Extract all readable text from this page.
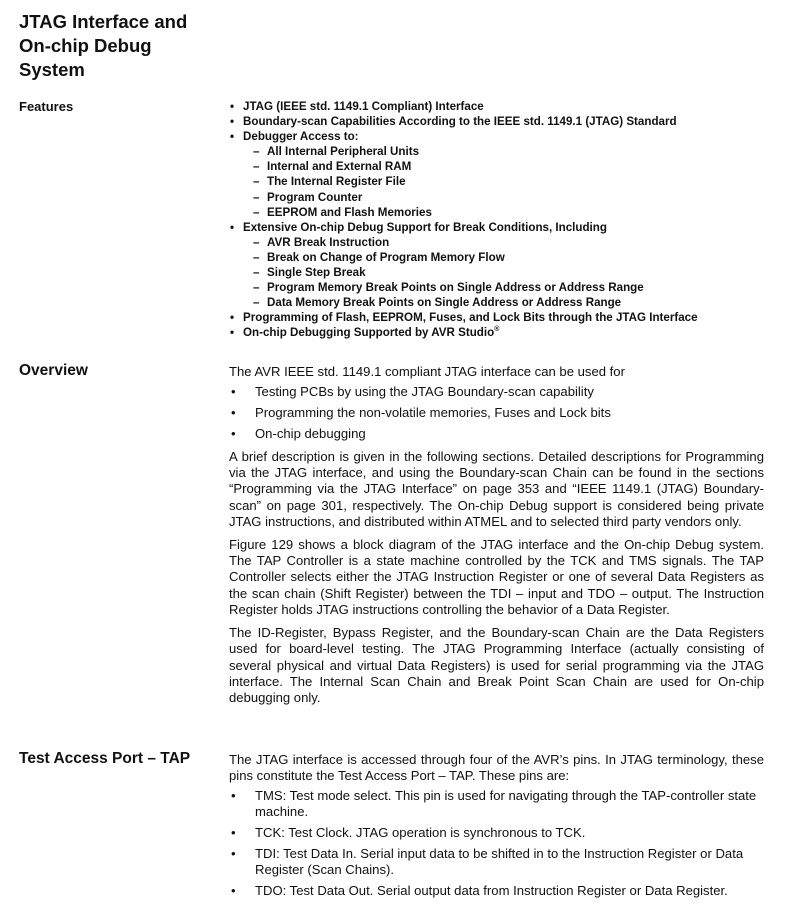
JTAG Interface and On-chip Debug System
Features
•	JTAG (IEEE std. 1149.1 Compliant) Interface
• Boundary-scan Capabilities According to the IEEE std. 1149.1 (JTAG) Standard
• Debugger Access to:
– All Internal Peripheral Units
– Internal and External RAM
– The Internal Register File
– Program Counter
– EEPROM and Flash Memories
• Extensive On-chip Debug Support for Break Conditions, Including
– AVR Break Instruction
– Break on Change of Program Memory Flow
– Single Step Break
– Program Memory Break Points on Single Address or Address Range
– Data Memory Break Points on Single Address or Address Range
• Programming of Flash, EEPROM, Fuses, and Lock Bits through the JTAG Interface
• On-chip Debugging Supported by AVR Studio®
Overview	The AVR IEEE std. 1149.1 compliant JTAG interface can be used for

• Testing PCBs by using the JTAG Boundary-scan capability

• Programming the non-volatile memories, Fuses and Lock bits

• On-chip debugging

A brief description is given in the following sections. Detailed descriptions for Programming via the JTAG interface, and using the Boundary-scan Chain can be found in the sections “Programming via the JTAG Interface” on page 353 and “IEEE 1149.1 (JTAG) Boundary-scan” on page 301, respectively. The On-chip Debug support is considered being private JTAG instructions, and distributed within ATMEL and to selected third party vendors only.

Figure 129 shows a block diagram of the JTAG interface and the On-chip Debug system. The TAP Controller is a state machine controlled by the TCK and TMS signals. The TAP Controller selects either the JTAG Instruction Register or one of several Data Registers as the scan chain (Shift Register) between the TDI – input and TDO – output. The Instruction Register holds JTAG instructions controlling the behavior of a Data Register.

The ID-Register, Bypass Register, and the Boundary-scan Chain are the Data Registers used for board-level testing. The JTAG Programming Interface (actually consisting of several physical and virtual Data Registers) is used for serial programming via the JTAG interface. The Internal Scan Chain and Break Point Scan Chain are used for On-chip debugging only.

Test Access Port – TAP	The JTAG interface is accessed through four of the AVR’s pins. In JTAG terminology, these pins constitute the Test Access Port – TAP. These pins are:

• TMS: Test mode select. This pin is used for navigating through the TAP-controller state machine.

• TCK: Test Clock. JTAG operation is synchronous to TCK.

• TDI: Test Data In. Serial input data to be shifted in to the Instruction Register or Data Register (Scan Chains).

• TDO: Test Data Out. Serial output data from Instruction Register or Data Register.
